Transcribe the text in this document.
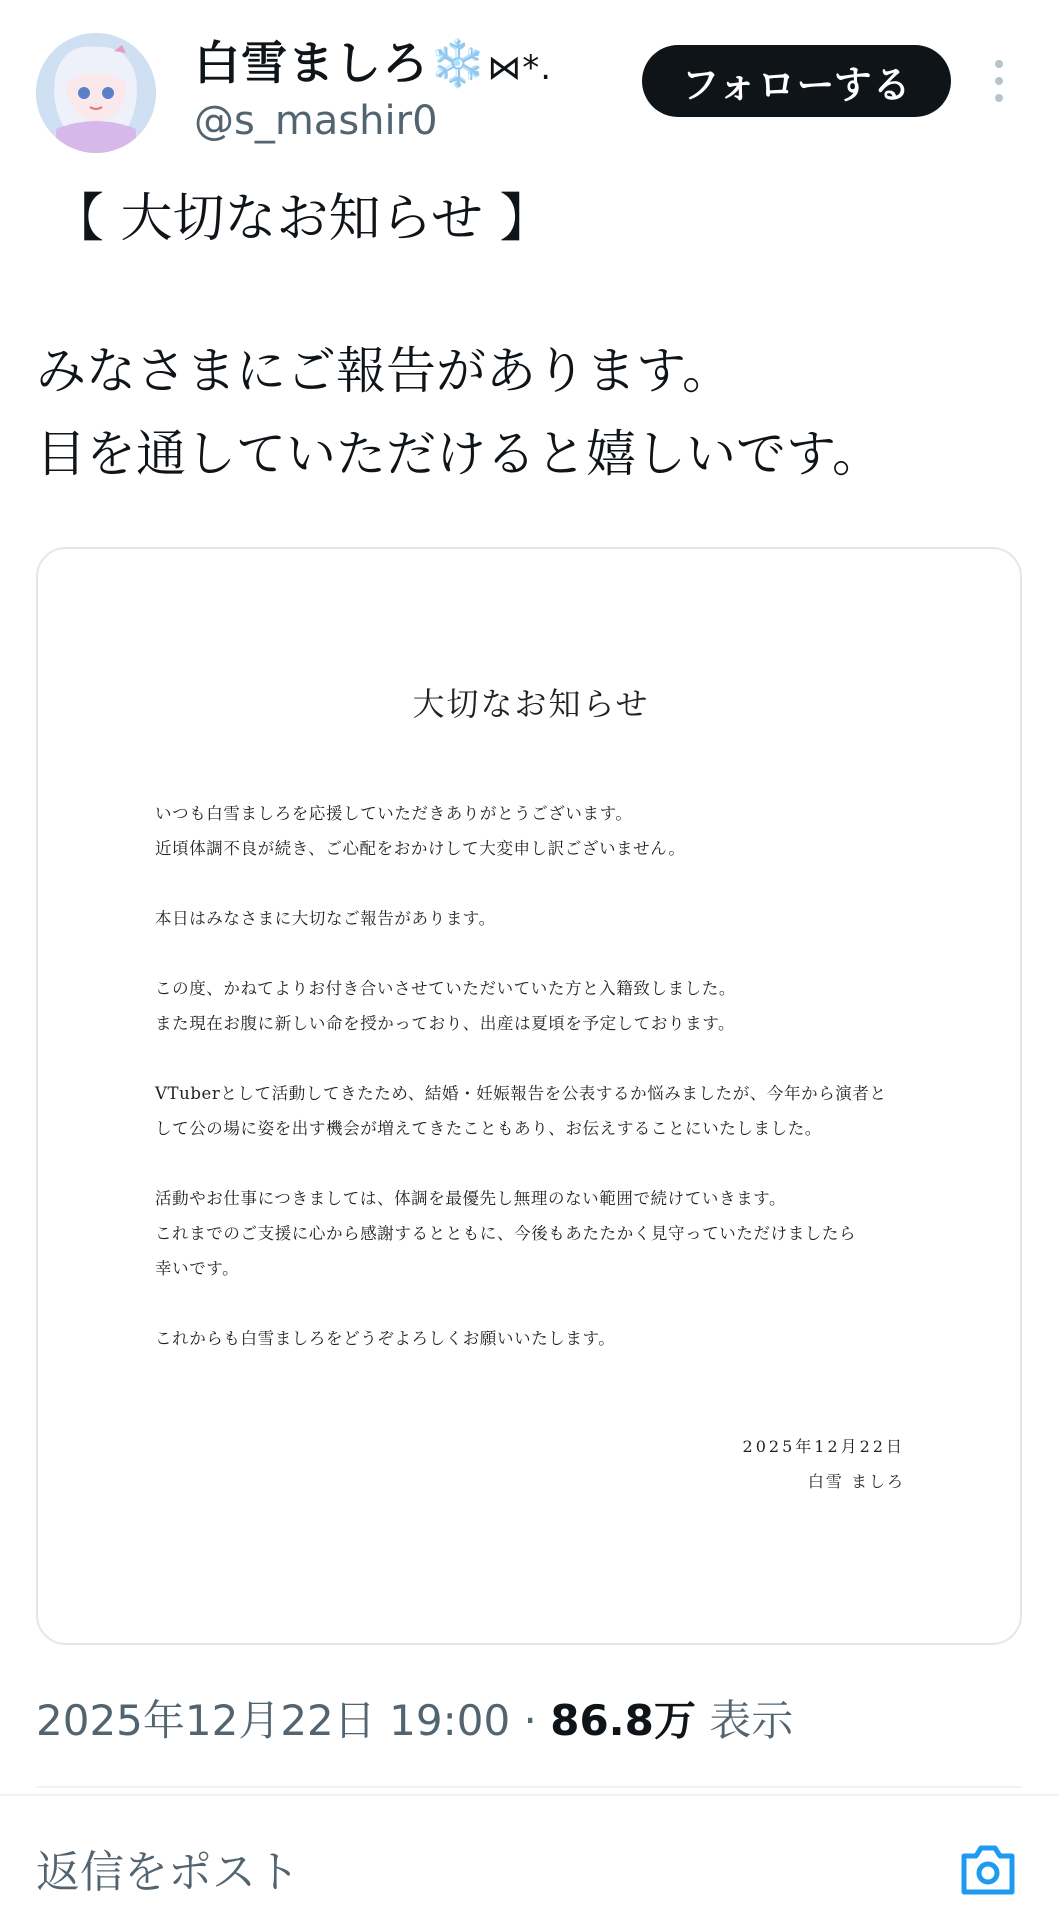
白雪ましろ❄️⋈*.
@s_mashir0
フォローする
【 大切なお知らせ 】
みなさまにご報告があります。
目を通していただけると嬉しいです。
大切なお知らせ

いつも白雪ましろを応援していただきありがとうございます。
近頃体調不良が続き、ご心配をおかけして大変申し訳ございません。

本日はみなさまに大切なご報告があります。

この度、かねてよりお付き合いさせていただいていた方と入籍致しました。
また現在お腹に新しい命を授かっており、出産は夏頃を予定しております。

VTuberとして活動してきたため、結婚・妊娠報告を公表するか悩みましたが、今年から演者と
して公の場に姿を出す機会が増えてきたこともあり、お伝えすることにいたしました。

活動やお仕事につきましては、体調を最優先し無理のない範囲で続けていきます。
これまでのご支援に心から感謝するとともに、今後もあたたかく見守っていただけましたら
幸いです。

これからも白雪ましろをどうぞよろしくお願いいたします。

2025年12月22日
白雪 ましろ
2025年12月22日 19:00 · 86.8万 表示
返信をポスト
